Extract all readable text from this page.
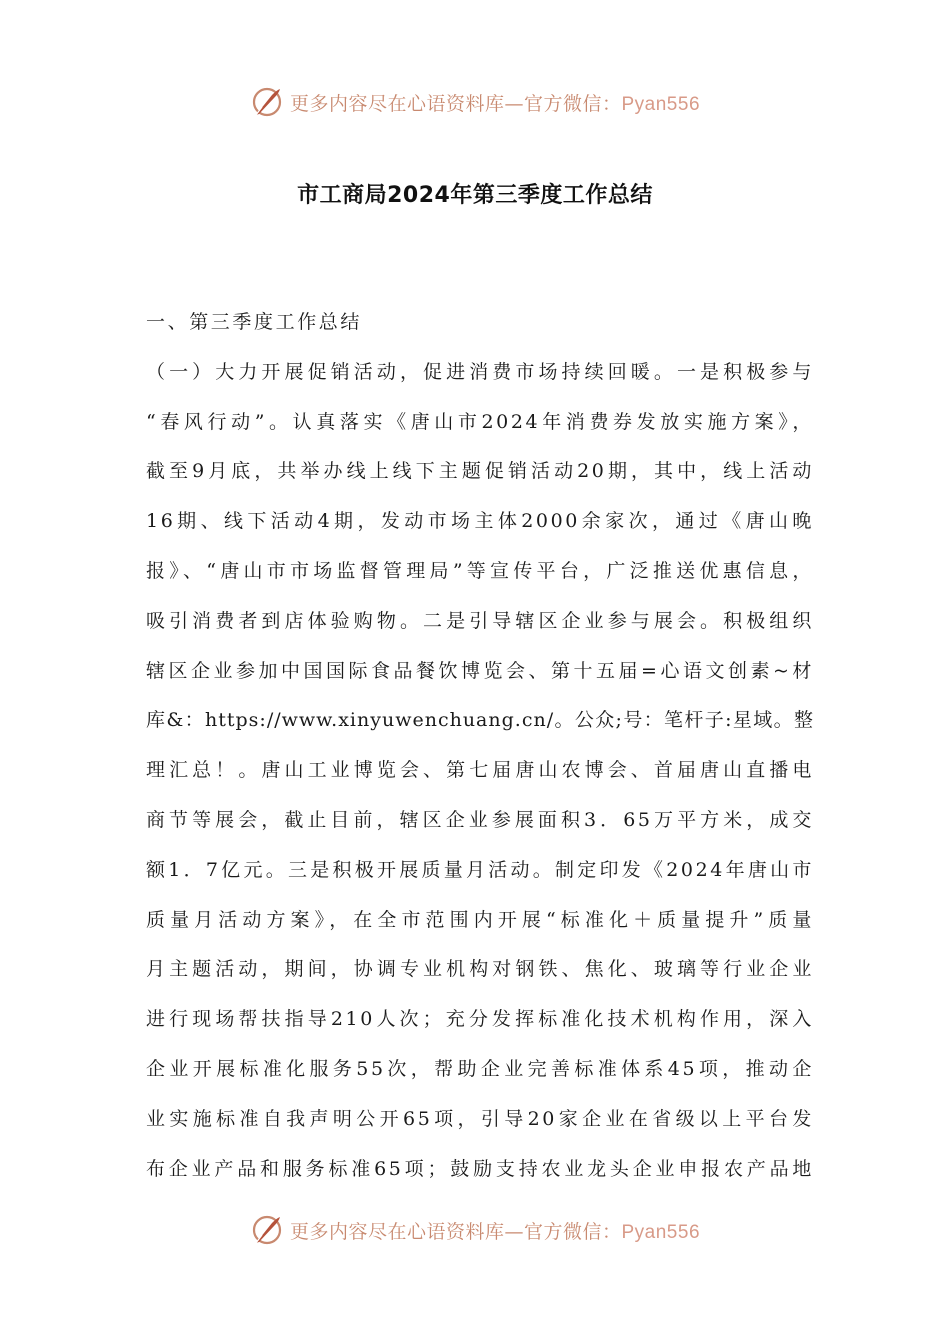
更多内容尽在心语资料库—官方微信：Pyan556
市工商局2024年第三季度工作总结
一、第三季度工作总结
（一）大力开展促销活动，促进消费市场持续回暖。一是积极参与
“春风行动”。认真落实《唐山市2024年消费券发放实施方案》，
截至9月底，共举办线上线下主题促销活动20期，其中，线上活动
16期、线下活动4期，发动市场主体2000余家次，通过《唐山晚
报》、“唐山市市场监督管理局”等宣传平台，广泛推送优惠信息，
吸引消费者到店体验购物。二是引导辖区企业参与展会。积极组织
辖区企业参加中国国际食品餐饮博览会、第十五届=心语文创素~材
库&：https://www.xinyuwenchuang.cn/。公众;号：笔杆子:星域。整
理汇总！。唐山工业博览会、第七届唐山农博会、首届唐山直播电
商节等展会，截止目前，辖区企业参展面积3．65万平方米，成交
额1．7亿元。三是积极开展质量月活动。制定印发《2024年唐山市
质量月活动方案》，在全市范围内开展“标准化＋质量提升”质量
月主题活动，期间，协调专业机构对钢铁、焦化、玻璃等行业企业
进行现场帮扶指导210人次；充分发挥标准化技术机构作用，深入
企业开展标准化服务55次，帮助企业完善标准体系45项，推动企
业实施标准自我声明公开65项，引导20家企业在省级以上平台发
布企业产品和服务标准65项；鼓励支持农业龙头企业申报农产品地
更多内容尽在心语资料库—官方微信：Pyan556
